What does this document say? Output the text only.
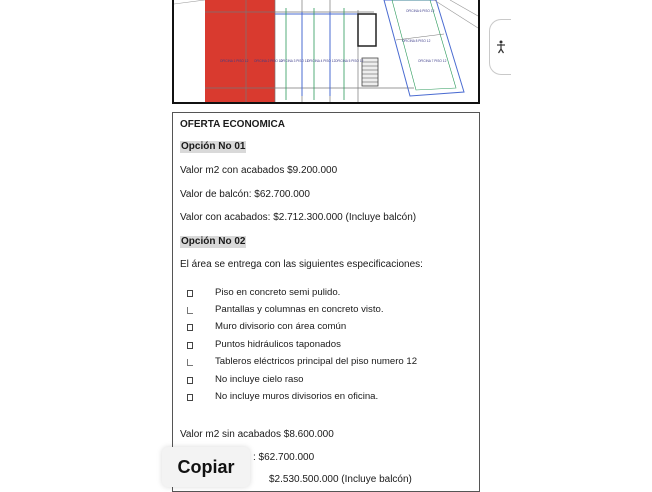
OFICINA 1 PISO 12 OFICINA 2 PISO 12
OFICINA 3 PISO 12
OFICINA 4 PISO 12 OFICINA 5 PISO 12
OFICINA 6 PISO 12
OFICINA 7 PISO 12
OFICINA 8 PISO 12

OFERTA ECONOMICA

Opción No 01
Valor m2 con acabados $9.200.000
Valor de balcón: $62.700.000
Valor con acabados: $2.712.300.000 (Incluye balcón)
Opción No 02
El área se entrega con las siguientes especificaciones:
Piso en concreto semi pulido.
Pantallas y columnas en concreto visto.
Muro divisorio con área común
Puntos hidráulicos taponados
Tableros eléctricos principal del piso numero 12
No incluye cielo raso
No incluye muros divisorios en oficina.
Valor m2 sin acabados $8.600.000
: $62.700.000
$2.530.500.000 (Incluye balcón)
Copiar
